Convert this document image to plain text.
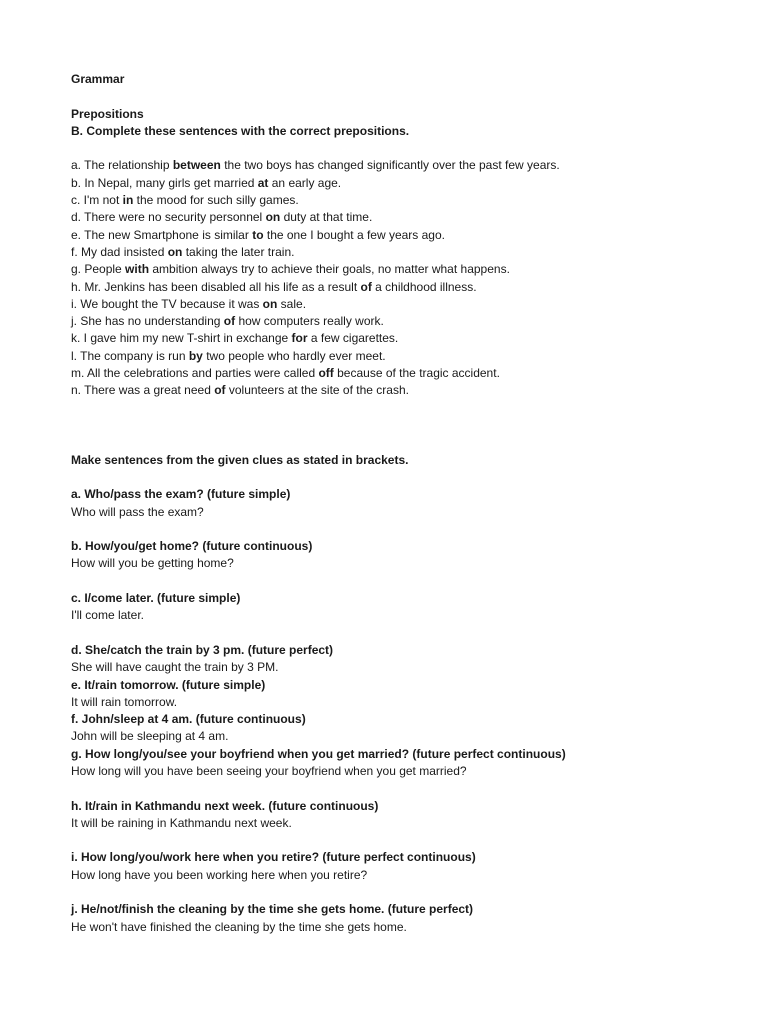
Grammar

Prepositions

B. Complete these sentences with the correct prepositions.

a. The relationship between the two boys has changed significantly over the past few years.

b. In Nepal, many girls get married at an early age.

c. I'm not in the mood for such silly games.

d. There were no security personnel on duty at that time.

e. The new Smartphone is similar to the one I bought a few years ago.

f. My dad insisted on taking the later train.

g. People with ambition always try to achieve their goals, no matter what happens.

h. Mr. Jenkins has been disabled all his life as a result of a childhood illness.

i. We bought the TV because it was on sale.

j. She has no understanding of how computers really work.

k. I gave him my new T-shirt in exchange for a few cigarettes.

l. The company is run by two people who hardly ever meet.

m. All the celebrations and parties were called off because of the tragic accident.

n. There was a great need of volunteers at the site of the crash.

Make sentences from the given clues as stated in brackets.

a. Who/pass the exam? (future simple)

Who will pass the exam?

b. How/you/get home? (future continuous)

How will you be getting home?

c. I/come later. (future simple)

I'll come later.

d. She/catch the train by 3 pm. (future perfect)

She will have caught the train by 3 PM.

e. It/rain tomorrow. (future simple)

It will rain tomorrow.

f. John/sleep at 4 am. (future continuous)

John will be sleeping at 4 am.

g. How long/you/see your boyfriend when you get married? (future perfect continuous)

How long will you have been seeing your boyfriend when you get married?

h. It/rain in Kathmandu next week. (future continuous)

It will be raining in Kathmandu next week.

i. How long/you/work here when you retire? (future perfect continuous)

How long have you been working here when you retire?

j. He/not/finish the cleaning by the time she gets home. (future perfect)

He won't have finished the cleaning by the time she gets home.
